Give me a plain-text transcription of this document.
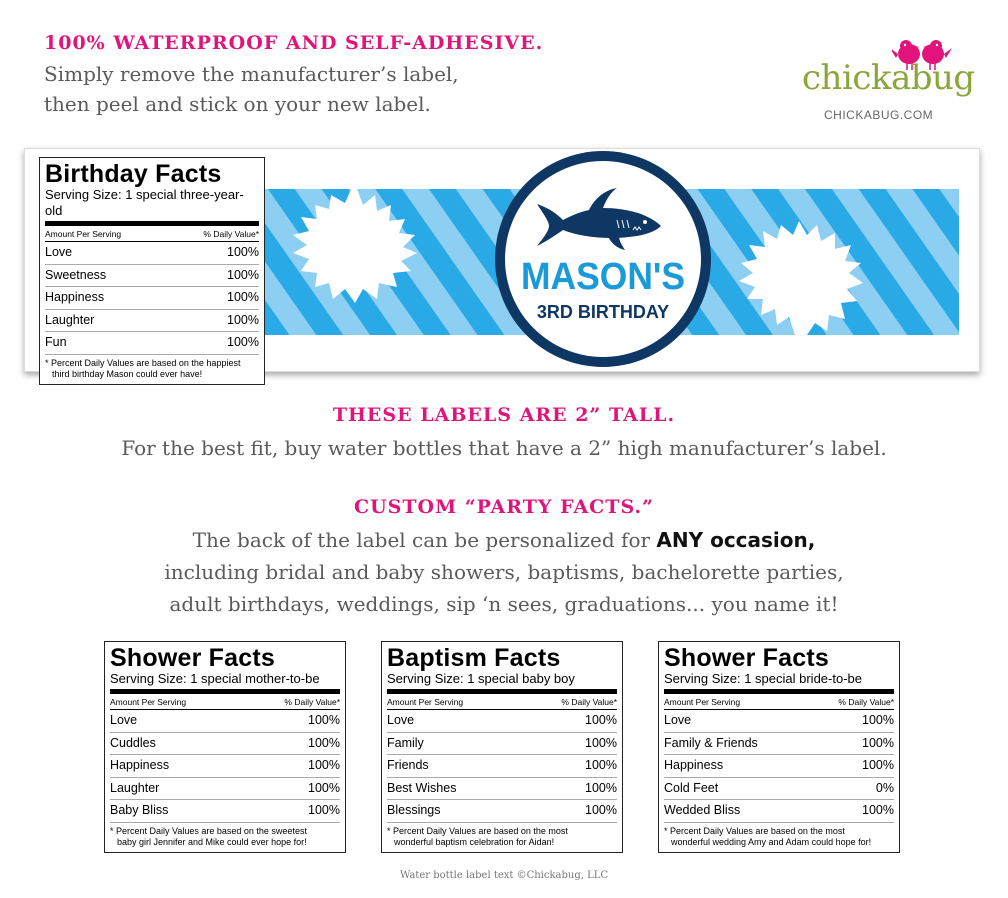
100% WATERPROOF AND SELF-ADHESIVE.
Simply remove the manufacturer’s label,
then peel and stick on your new label.
chickabug
CHICKABUG.COM
MASON'S
3RD BIRTHDAY
Birthday Facts
Serving Size: 1 special three-year-old
Amount Per Serving	% Daily Value*
Love	100%
Sweetness	100%
Happiness	100%
Laughter	100%
Fun	100%
* Percent Daily Values are based on the happiest
third birthday Mason could ever have!
THESE LABELS ARE 2” TALL.
For the best fit, buy water bottles that have a 2” high manufacturer’s label.
CUSTOM “PARTY FACTS.”
The back of the label can be personalized for ANY occasion,
including bridal and baby showers, baptisms, bachelorette parties,
adult birthdays, weddings, sip ‘n sees, graduations... you name it!
Shower Facts
Serving Size: 1 special mother-to-be
Amount Per Serving	% Daily Value*
Love	100%
Cuddles	100%
Happiness	100%
Laughter	100%
Baby Bliss	100%
* Percent Daily Values are based on the sweetest
baby girl Jennifer and Mike could ever hope for!
Baptism Facts
Serving Size: 1 special baby boy
Amount Per Serving	% Daily Value*
Love	100%
Family	100%
Friends	100%
Best Wishes	100%
Blessings	100%
* Percent Daily Values are based on the most
wonderful baptism celebration for Aidan!
Shower Facts
Serving Size: 1 special bride-to-be
Amount Per Serving	% Daily Value*
Love	100%
Family & Friends	100%
Happiness	100%
Cold Feet	0%
Wedded Bliss	100%
* Percent Daily Values are based on the most
wonderful wedding Amy and Adam could hope for!
Water bottle label text ©Chickabug, LLC
